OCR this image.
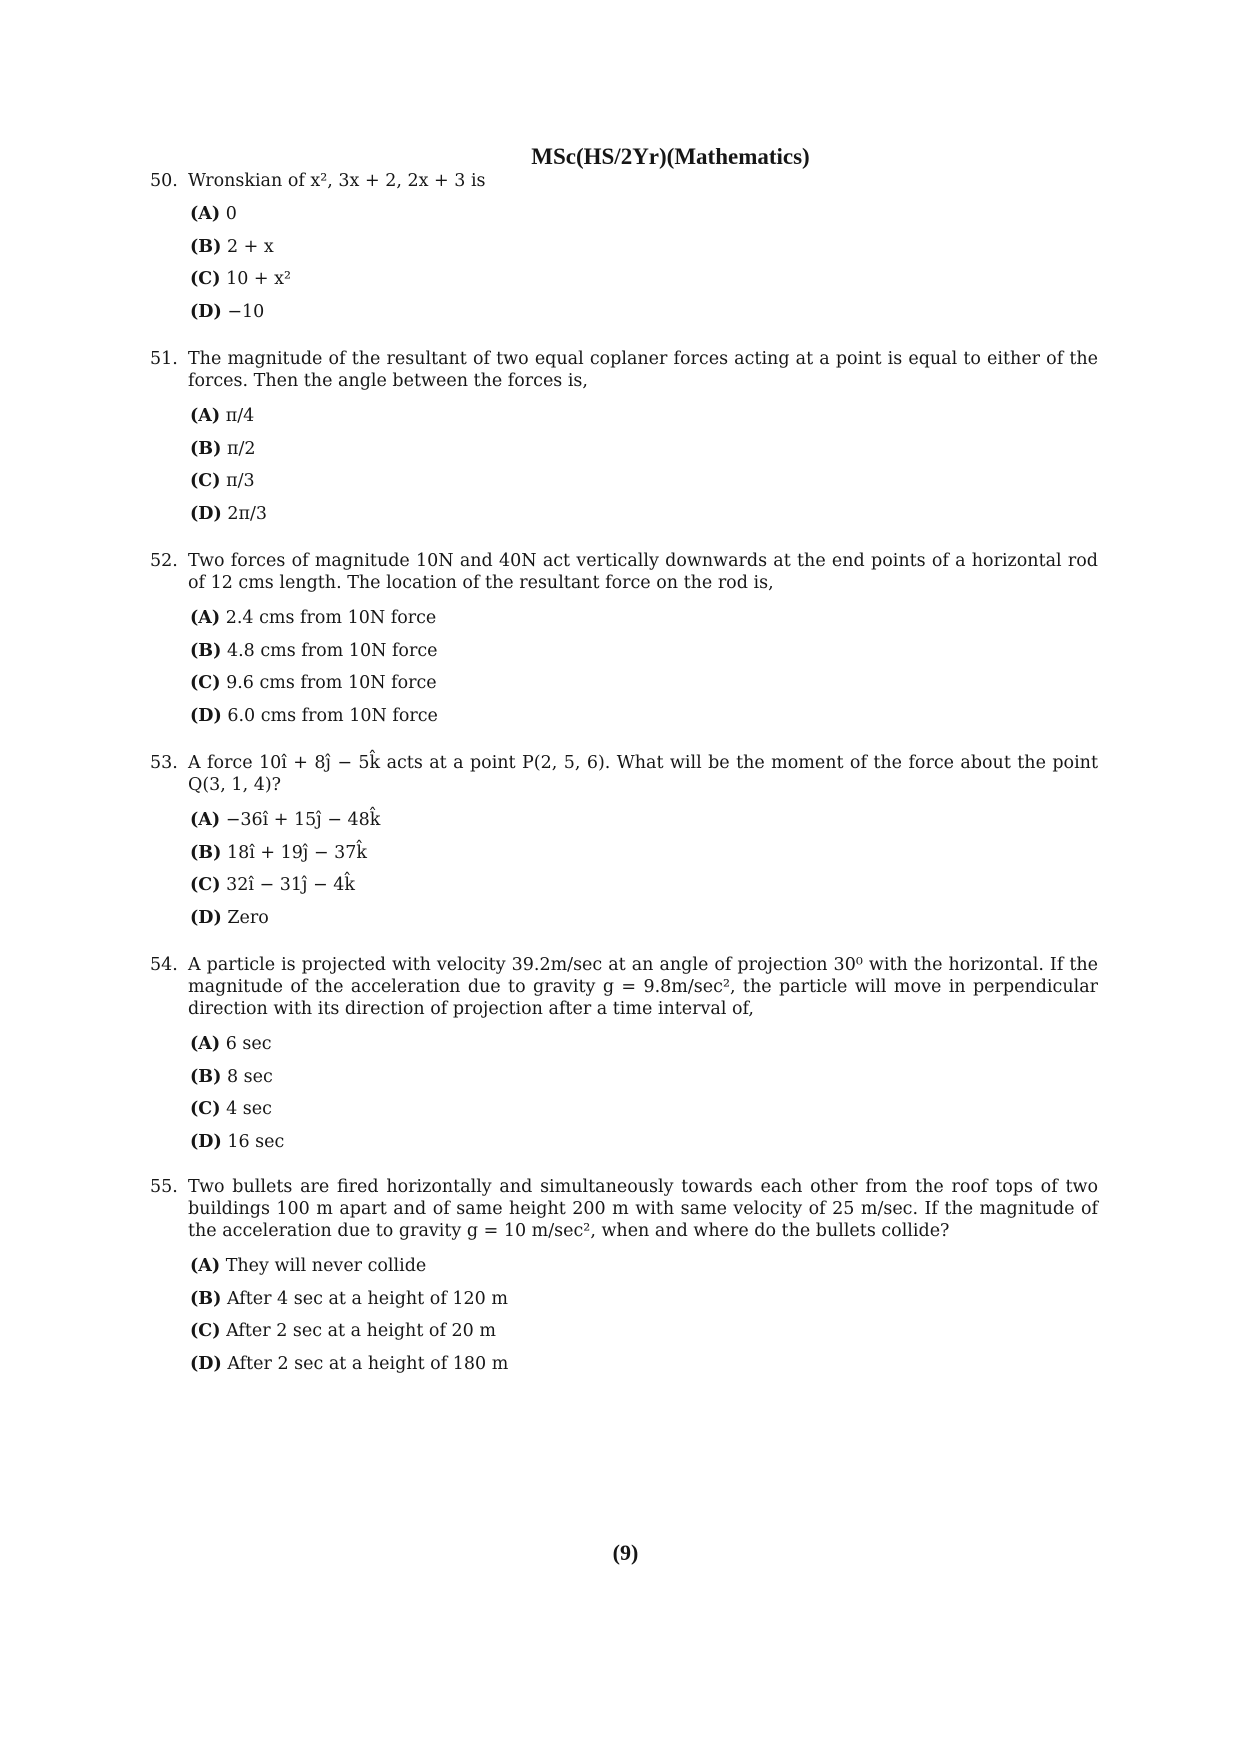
MSc(HS/2Yr)(Mathematics)
50. Wronskian of x², 3x + 2, 2x + 3 is
(A) 0
(B) 2 + x
(C) 10 + x²
(D) −10
51. The magnitude of the resultant of two equal coplaner forces acting at a point is equal to either of the forces. Then the angle between the forces is,
(A) π/4
(B) π/2
(C) π/3
(D) 2π/3
52. Two forces of magnitude 10N and 40N act vertically downwards at the end points of a horizontal rod of 12 cms length. The location of the resultant force on the rod is,
(A) 2.4 cms from 10N force
(B) 4.8 cms from 10N force
(C) 9.6 cms from 10N force
(D) 6.0 cms from 10N force
53. A force 10î + 8ĵ − 5k̂ acts at a point P(2, 5, 6). What will be the moment of the force about the point Q(3, 1, 4)?
(A) −36î + 15ĵ − 48k̂
(B) 18î + 19ĵ − 37k̂
(C) 32î − 31ĵ − 4k̂
(D) Zero
54. A particle is projected with velocity 39.2m/sec at an angle of projection 30⁰ with the horizontal. If the magnitude of the acceleration due to gravity g = 9.8m/sec², the particle will move in perpendicular direction with its direction of projection after a time interval of,
(A) 6 sec
(B) 8 sec
(C) 4 sec
(D) 16 sec
55. Two bullets are fired horizontally and simultaneously towards each other from the roof tops of two buildings 100 m apart and of same height 200 m with same velocity of 25 m/sec. If the magnitude of the acceleration due to gravity g = 10 m/sec², when and where do the bullets collide?
(A) They will never collide
(B) After 4 sec at a height of 120 m
(C) After 2 sec at a height of 20 m
(D) After 2 sec at a height of 180 m
(9)
